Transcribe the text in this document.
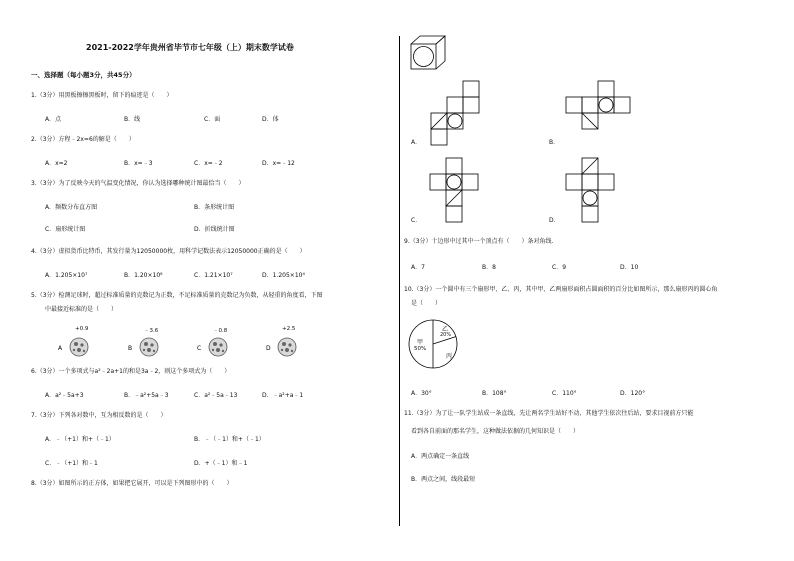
2021-2022学年贵州省毕节市七年级（上）期末数学试卷
一、选择题（每小题3分，共45分）
1.（3分）用黑板擦擦黑板时，留下的痕迹是（　　）
A．点	B．线	C．面	D．体
2.（3分）方程﹣2x=6的解是（　　）
A．x=2	B．x=﹣3	C．x=﹣2	D．x=﹣12
3.（3分）为了反映今天的气温变化情况，你认为选择哪种统计图最恰当（　　）
A．频数分布直方图	B．条形统计图
C．扇形统计图	D．折线统计图
4.（3分）虚拟货币比特币，其发行量为12050000枚，用科学记数法表示12050000正确的是（　　）
A．1.205×10⁷	B．1.20×10⁸	C．1.21×10⁷	D．1.205×10⁴
5.（3分）检测足球时，超过标准质量的克数记为正数，不足标准质量的克数记为负数，从轻重的角度看，下图
中最接近标准的是（　　）
+0.9	﹣3.6	﹣0.8	+2.5
A	B	C	D
6.（3分）一个多项式与a²﹣2a+1的和是3a﹣2，则这个多项式为（　　）
A．a²﹣5a+3	B．﹣a²+5a﹣3	C．a²﹣5a﹣13	D．﹣a²+a﹣1
7.（3分）下列各对数中，互为相反数的是（　　）
A．﹣（+1）和+（﹣1）	B．﹣（﹣1）和+（﹣1）
C．﹣（+1）和﹣1	D．+（﹣1）和﹣1
8.（3分）如图所示的正方体，如果把它展开，可以是下列图形中的（　　）
A．	B．
C．	D．
9.（3分）十边形中过其中一个顶点有（　　）条对角线.
A．7	B．8	C．9	D．10
10.（3分）一个圆中有三个扇形甲、乙、丙，其中甲、乙两扇形面积占圆面积的百分比如图所示，那么扇形丙的圆心角
是（　　）
甲
50%
乙
20%
丙
A．30°	B．108°	C．110°	D．120°
11.（3分）为了让一队学生站成一条直线，先让两名学生站好不动，其他学生依次往后站，要求目视前方只能
看到各自前面的那名学生，这种做法依据的几何知识是（　　）
A．两点确定一条直线
B．两点之间，线段最短
